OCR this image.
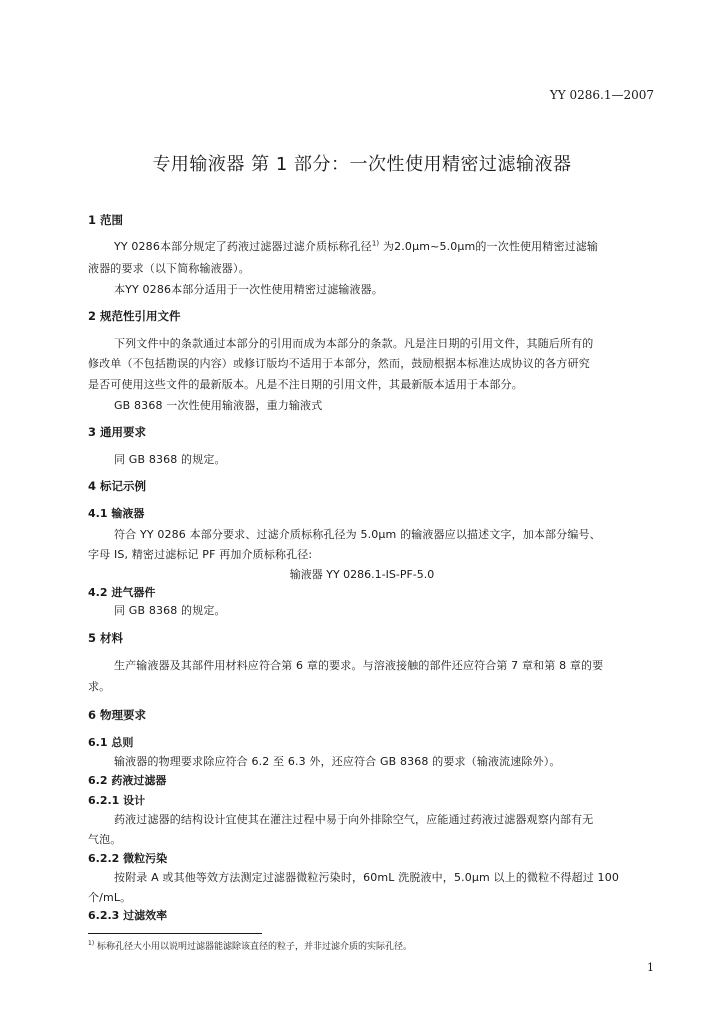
YY 0286.1—2007
专用输液器 第 1 部分：一次性使用精密过滤输液器
1 范围
YY 0286本部分规定了药液过滤器过滤介质标称孔径$^{1)}$ 为2.0μm~5.0μm的一次性使用精密过滤输
液器的要求（以下简称输液器）。
本YY 0286本部分适用于一次性使用精密过滤输液器。
2 规范性引用文件
下列文件中的条款通过本部分的引用而成为本部分的条款。凡是注日期的引用文件，其随后所有的
修改单（不包括勘误的内容）或修订版均不适用于本部分，然而，鼓励根据本标准达成协议的各方研究
是否可使用这些文件的最新版本。凡是不注日期的引用文件，其最新版本适用于本部分。
GB 8368 一次性使用输液器，重力输液式
3 通用要求
同 GB 8368 的规定。
4 标记示例
4.1 输液器
符合 YY 0286 本部分要求、过滤介质标称孔径为 5.0μm 的输液器应以描述文字，加本部分编号、
字母 IS, 精密过滤标记 PF 再加介质标称孔径:
输液器 YY 0286.1-IS-PF-5.0
4.2 进气器件
同 GB 8368 的规定。
5 材料
生产输液器及其部件用材料应符合第 6 章的要求。与溶液接触的部件还应符合第 7 章和第 8 章的要
求。
6 物理要求
6.1 总则
输液器的物理要求除应符合 6.2 至 6.3 外，还应符合 GB 8368 的要求（输液流速除外）。
6.2 药液过滤器
6.2.1 设计
药液过滤器的结构设计宜使其在灌注过程中易于向外排除空气，应能通过药液过滤器观察内部有无
气泡。
6.2.2 微粒污染
按附录 A 或其他等效方法测定过滤器微粒污染时，60mL 洗脱液中，5.0μm 以上的微粒不得超过 100
个/mL。
6.2.3 过滤效率
$^{1)}$ 标称孔径大小用以说明过滤器能滤除该直径的粒子，并非过滤介质的实际孔径。
1
